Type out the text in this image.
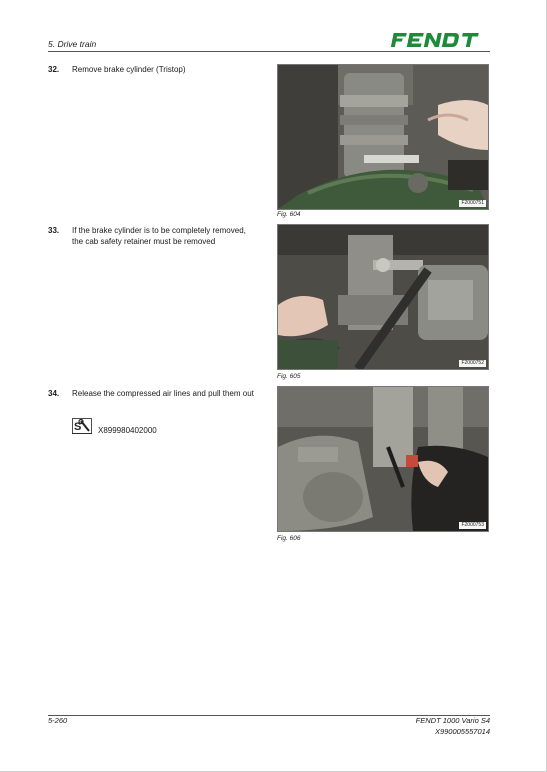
5. Drive train
32. Remove brake cylinder (Tristop)
33. If the brake cylinder is to be completely removed, the cab safety retainer must be removed
34. Release the compressed air lines and pull them out
S X899980402000
F2000751
Fig. 604
F2000752
Fig. 605
F2000753
Fig. 606
5-260	FENDT 1000 Vario S4
X990005557014
